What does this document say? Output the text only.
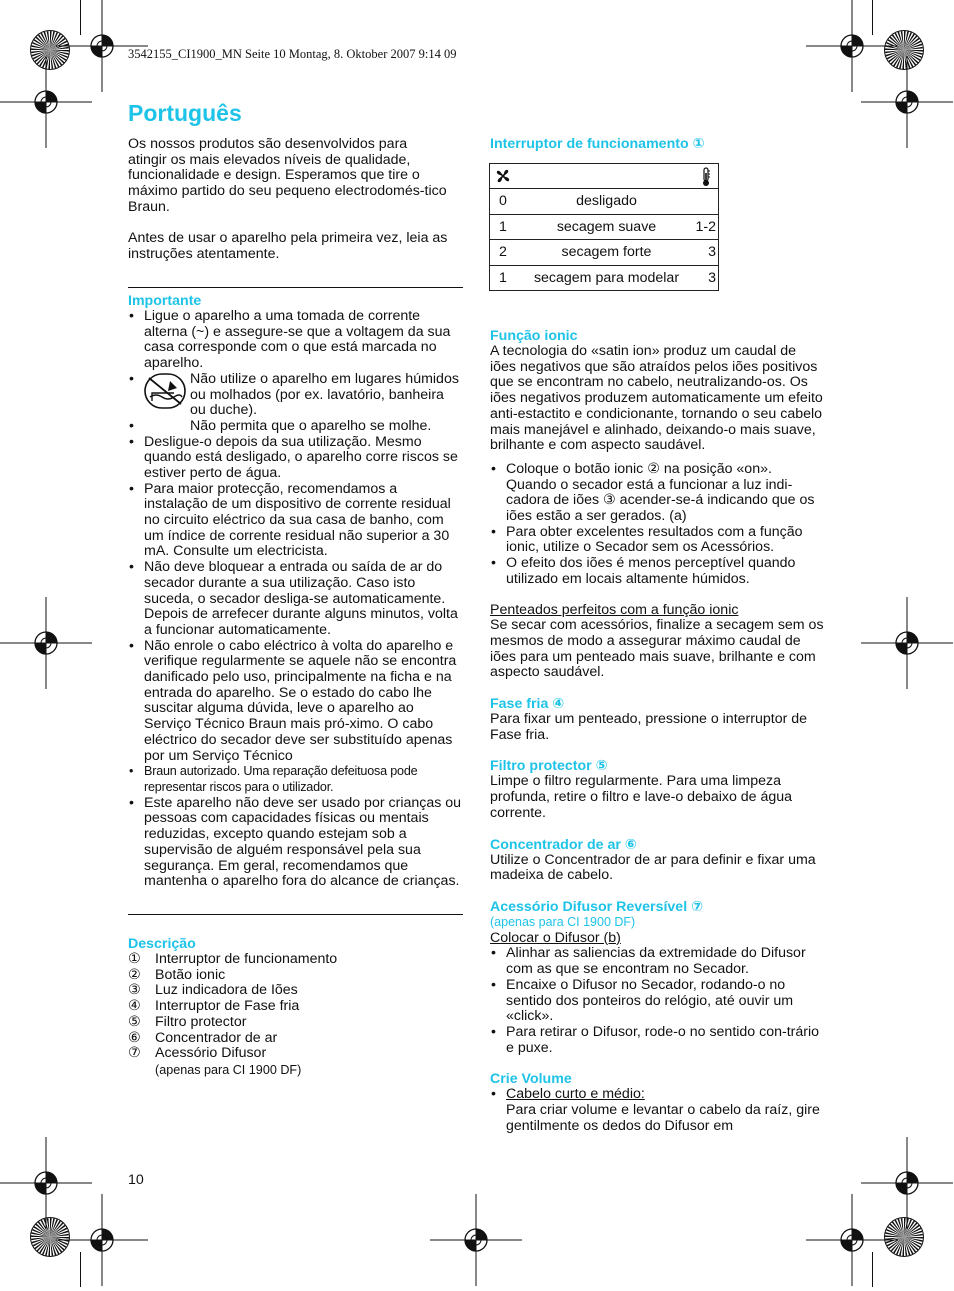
3542155_CI1900_MN Seite 10 Montag, 8. Oktober 2007 9:14 09
Português
Os nossos produtos são desenvolvidos para atingir os mais elevados níveis de qualidade, funcionalidade e design. Esperamos que tire o máximo partido do seu pequeno electrodomés-tico Braun.
Antes de usar o aparelho pela primeira vez, leia as instruções atentamente.
Importante
• Ligue o aparelho a uma tomada de corrente alterna (~) e assegure-se que a voltagem da sua casa corresponde com o que está marcada no aparelho.
• Não utilize o aparelho em lugares húmidos ou molhados (por ex. lavatório, banheira ou duche).
• Não permita que o aparelho se molhe.
• Desligue-o depois da sua utilização. Mesmo quando está desligado, o aparelho corre riscos se estiver perto de água.
• Para maior protecção, recomendamos a instalação de um dispositivo de corrente residual no circuito eléctrico da sua casa de banho, com um índice de corrente residual não superior a 30 mA. Consulte um electricista.
• Não deve bloquear a entrada ou saída de ar do secador durante a sua utilização. Caso isto suceda, o secador desliga-se automaticamente. Depois de arrefecer durante alguns minutos, volta a funcionar automaticamente.
• Não enrole o cabo eléctrico à volta do aparelho e verifique regularmente se aquele não se encontra danificado pelo uso, principalmente na ficha e na entrada do aparelho. Se o estado do cabo lhe suscitar alguma dúvida, leve o aparelho ao Serviço Técnico Braun mais pró-ximo. O cabo eléctrico do secador deve ser substituído apenas por um Serviço Técnico
• Braun autorizado. Uma reparação defeituosa pode representar riscos para o utilizador.
• Este aparelho não deve ser usado por crianças ou pessoas com capacidades físicas ou mentais reduzidas, excepto quando estejam sob a supervisão de alguém responsável pela sua segurança. Em geral, recomendamos que mantenha o aparelho fora do alcance de crianças.
Descrição
① Interruptor de funcionamento
② Botão ionic
③ Luz indicadora de Iões
④ Interruptor de Fase fria
⑤ Filtro protector
⑥ Concentrador de ar
⑦ Acessório Difusor
(apenas para CI 1900 DF)
10
Interruptor de funcionamento ①

0	desligado	
1	secagem suave	1-2
2	secagem forte	3
1	secagem para modelar	3
Função ionic
A tecnologia do «satin ion» produz um caudal de iões negativos que são atraídos pelos iões positivos que se encontram no cabelo, neutralizando-os. Os iões negativos produzem automaticamente um efeito anti-estactito e condicionante, tornando o seu cabelo mais manejável e alinhado, deixando-o mais suave, brilhante e com aspecto saudável.
• Coloque o botão ionic ② na posição «on». Quando o secador está a funcionar a luz indi-cadora de iões ③ acender-se-á indicando que os iões estão a ser gerados. (a)
• Para obter excelentes resultados com a função ionic, utilize o Secador sem os Acessórios.
• O efeito dos iões é menos perceptível quando utilizado em locais altamente húmidos.
Penteados perfeitos com a função ionic
Se secar com acessórios, finalize a secagem sem os mesmos de modo a assegurar máximo caudal de iões para um penteado mais suave, brilhante e com aspecto saudável.
Fase fria ④
Para fixar um penteado, pressione o interruptor de Fase fria.
Filtro protector ⑤
Limpe o filtro regularmente. Para uma limpeza profunda, retire o filtro e lave-o debaixo de água corrente.
Concentrador de ar ⑥
Utilize o Concentrador de ar para definir e fixar uma madeixa de cabelo.
Acessório Difusor Reversível ⑦
(apenas para CI 1900 DF)
Colocar o Difusor (b)
• Alinhar as saliencias da extremidade do Difusor com as que se encontram no Secador.
• Encaixe o Difusor no Secador, rodando-o no sentido dos ponteiros do relógio, até ouvir um «click».
• Para retirar o Difusor, rode-o no sentido con-trário e puxe.
Crie Volume
• Cabelo curto e médio:
Para criar volume e levantar o cabelo da raíz, gire gentilmente os dedos do Difusor em
